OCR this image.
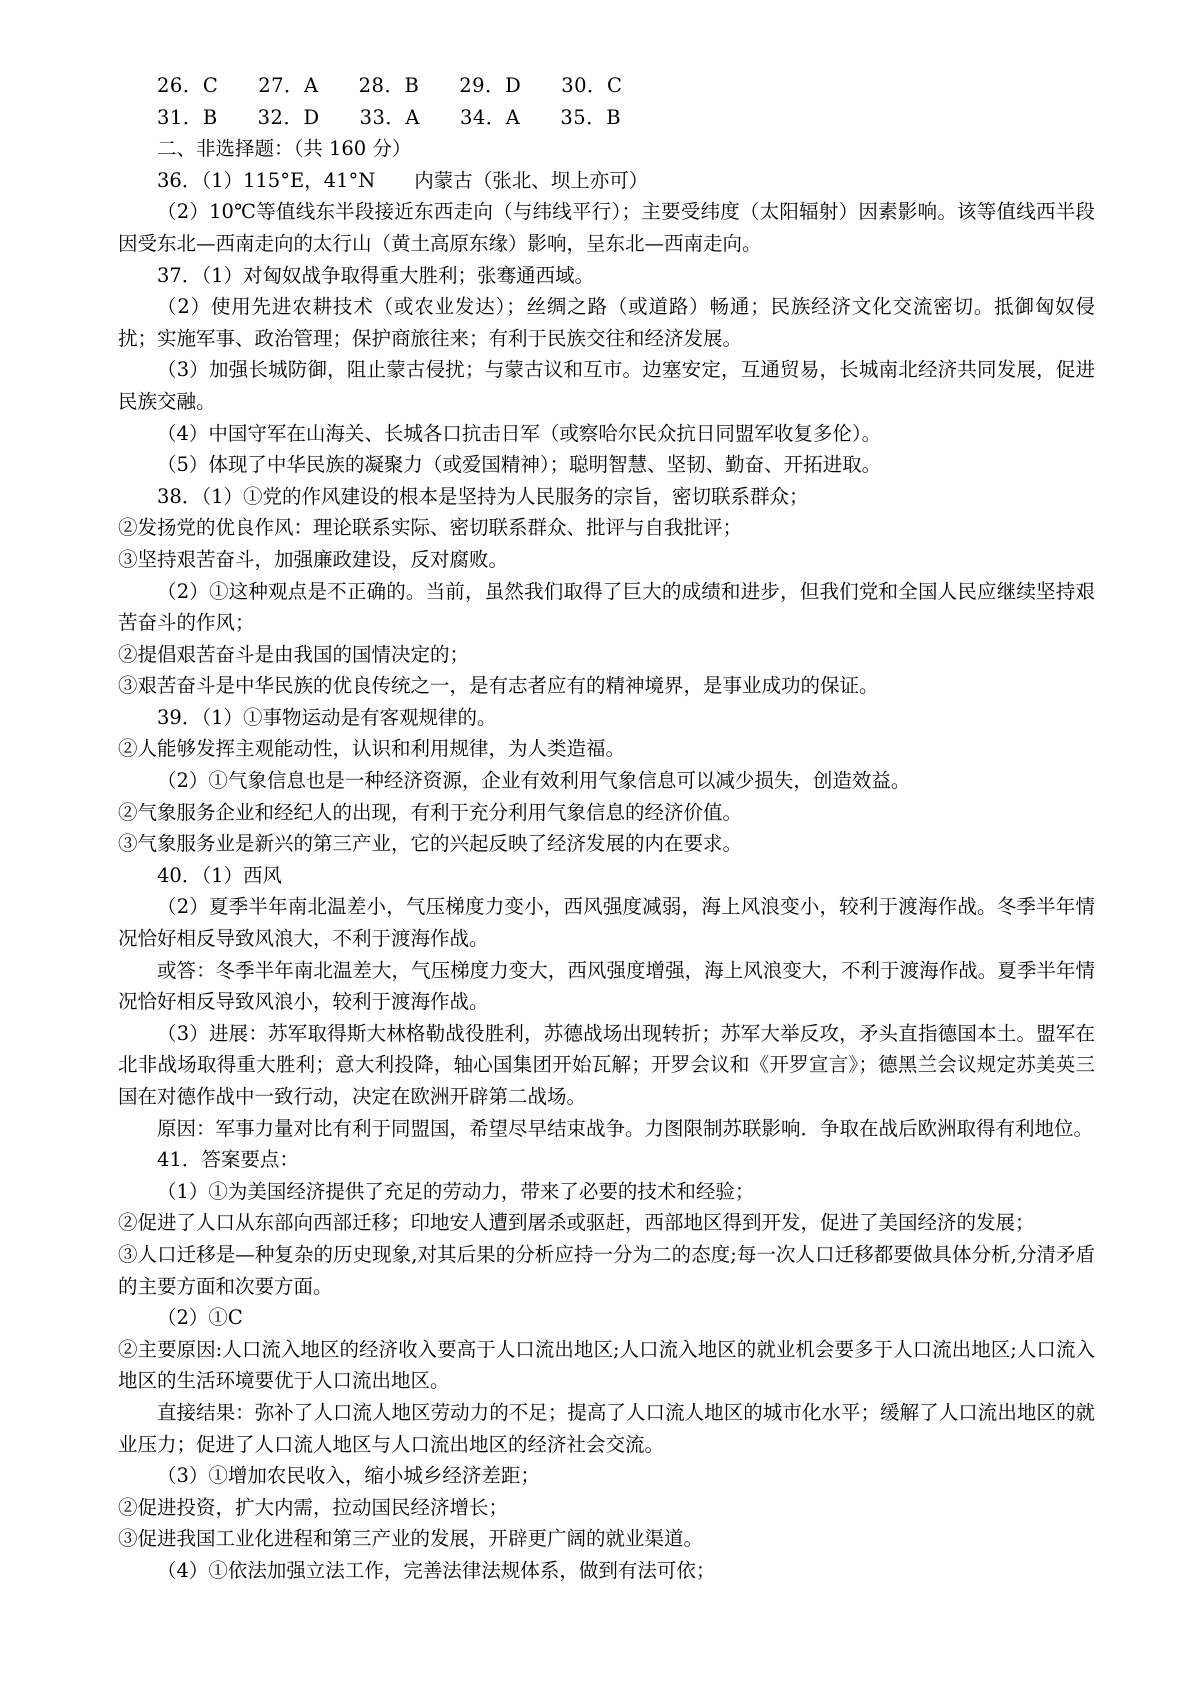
26．C　　27．A　　28．B　　29．D　　30．C

31．B　　32．D　　33．A　　34．A　　35．B

二、非选择题：（共 160 分）

36．（1）115°E，41°N　　内蒙古（张北、坝上亦可）

（2）10℃等值线东半段接近东西走向（与纬线平行）；主要受纬度（太阳辐射）因素影响。该等值线西半段因受东北—西南走向的太行山（黄土高原东缘）影响，呈东北—西南走向。

37．（1）对匈奴战争取得重大胜利；张骞通西域。

（2）使用先进农耕技术（或农业发达）；丝绸之路（或道路）畅通；民族经济文化交流密切。抵御匈奴侵扰；实施军事、政治管理；保护商旅往来；有利于民族交往和经济发展。

（3）加强长城防御，阻止蒙古侵扰；与蒙古议和互市。边塞安定，互通贸易，长城南北经济共同发展，促进民族交融。

（4）中国守军在山海关、长城各口抗击日军（或察哈尔民众抗日同盟军收复多伦）。

（5）体现了中华民族的凝聚力（或爱国精神）；聪明智慧、坚韧、勤奋、开拓进取。

38．（1）①党的作风建设的根本是坚持为人民服务的宗旨，密切联系群众；

②发扬党的优良作风：理论联系实际、密切联系群众、批评与自我批评；

③坚持艰苦奋斗，加强廉政建设，反对腐败。

（2）①这种观点是不正确的。当前，虽然我们取得了巨大的成绩和进步，但我们党和全国人民应继续坚持艰苦奋斗的作风；

②提倡艰苦奋斗是由我国的国情决定的；

③艰苦奋斗是中华民族的优良传统之一，是有志者应有的精神境界，是事业成功的保证。

39．（1）①事物运动是有客观规律的。

②人能够发挥主观能动性，认识和利用规律，为人类造福。

（2）①气象信息也是一种经济资源，企业有效利用气象信息可以减少损失，创造效益。

②气象服务企业和经纪人的出现，有利于充分利用气象信息的经济价值。

③气象服务业是新兴的第三产业，它的兴起反映了经济发展的内在要求。

40．（1）西风

（2）夏季半年南北温差小，气压梯度力变小，西风强度减弱，海上风浪变小，较利于渡海作战。冬季半年情况恰好相反导致风浪大，不利于渡海作战。

或答：冬季半年南北温差大，气压梯度力变大，西风强度增强，海上风浪变大，不利于渡海作战。夏季半年情况恰好相反导致风浪小，较利于渡海作战。

（3）进展：苏军取得斯大林格勒战役胜利，苏德战场出现转折；苏军大举反攻，矛头直指德国本土。盟军在北非战场取得重大胜利；意大利投降，轴心国集团开始瓦解；开罗会议和《开罗宣言》；德黑兰会议规定苏美英三国在对德作战中一致行动，决定在欧洲开辟第二战场。

原因：军事力量对比有利于同盟国，希望尽早结束战争。力图限制苏联影响．争取在战后欧洲取得有利地位。

41．答案要点：

（1）①为美国经济提供了充足的劳动力，带来了必要的技术和经验；

②促进了人口从东部向西部迁移；印地安人遭到屠杀或驱赶，西部地区得到开发，促进了美国经济的发展；

③人口迁移是—种复杂的历史现象,对其后果的分析应持一分为二的态度;每一次人口迁移都要做具体分析,分清矛盾的主要方面和次要方面。

（2）①C

②主要原因:人口流入地区的经济收入要高于人口流出地区;人口流入地区的就业机会要多于人口流出地区;人口流入地区的生活环境要优于人口流出地区。

直接结果：弥补了人口流人地区劳动力的不足；提高了人口流人地区的城市化水平；缓解了人口流出地区的就业压力；促进了人口流人地区与人口流出地区的经济社会交流。

（3）①增加农民收入，缩小城乡经济差距；

②促进投资，扩大内需，拉动国民经济增长；

③促进我国工业化进程和第三产业的发展，开辟更广阔的就业渠道。

（4）①依法加强立法工作，完善法律法规体系，做到有法可依；
